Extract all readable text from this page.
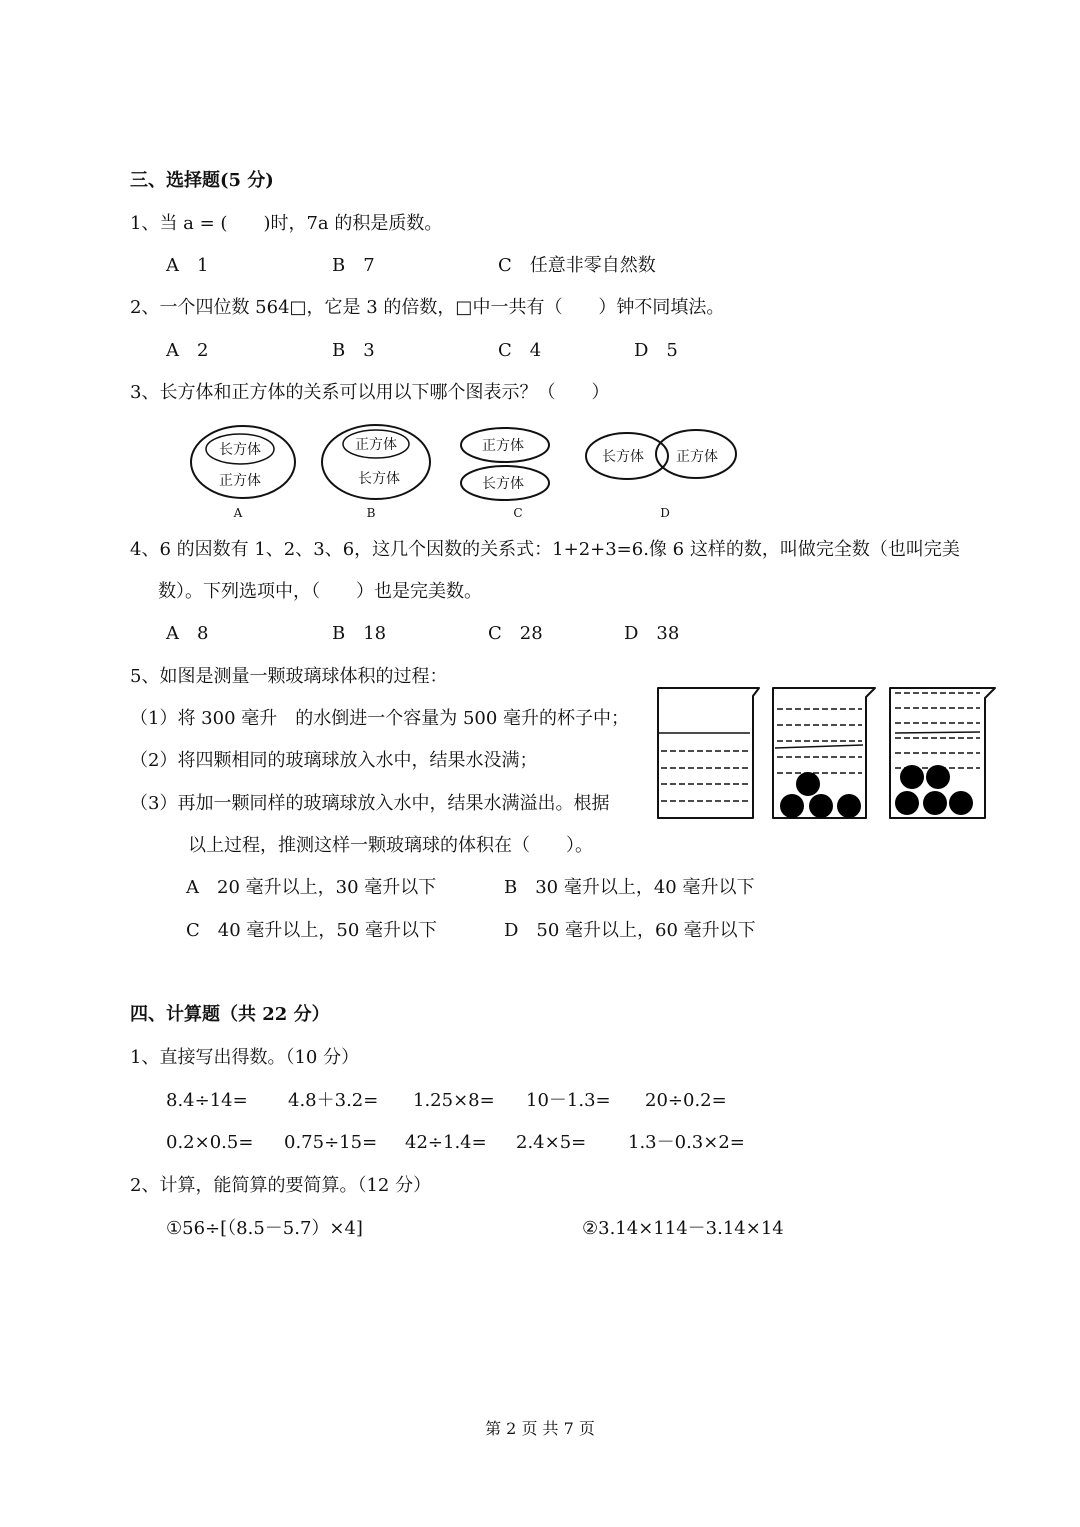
三、选择题(5 分)
1、当 a = (　　)时，7a 的积是质数。
A　1	B　7	C　任意非零自然数
2、一个四位数 564□，它是 3 的倍数，□中一共有（　　）钟不同填法。
A　2	B　3	C　4	D　5
3、长方体和正方体的关系可以用以下哪个图表示？（　　）
长方体
正方体
A
正方体
长方体
B
正方体
长方体
C
长方体 正方体
D
4、6 的因数有 1、2、3、6，这几个因数的关系式：1+2+3=6.像 6 这样的数，叫做完全数（也叫完美
数）。下列选项中，（　　）也是完美数。
A　8	B　18	C　28	D　38
5、如图是测量一颗玻璃球体积的过程：
（1）将 300 毫升　的水倒进一个容量为 500 毫升的杯子中；
（2）将四颗相同的玻璃球放入水中，结果水没满；
（3）再加一颗同样的玻璃球放入水中，结果水满溢出。根据
以上过程，推测这样一颗玻璃球的体积在（　　）。
A　20 毫升以上，30 毫升以下	B　30 毫升以上，40 毫升以下
C　40 毫升以上，50 毫升以下	D　50 毫升以上，60 毫升以下
四、计算题（共 22 分）
1、直接写出得数。（10 分）
8.4÷14= 4.8＋3.2= 1.25×8= 10－1.3= 20÷0.2=
0.2×0.5= 0.75÷15= 42÷1.4= 2.4×5= 1.3－0.3×2=
2、计算，能简算的要简算。（12 分）
①56÷[（8.5－5.7）×4]	②3.14×114－3.14×14
第 2 页 共 7 页
